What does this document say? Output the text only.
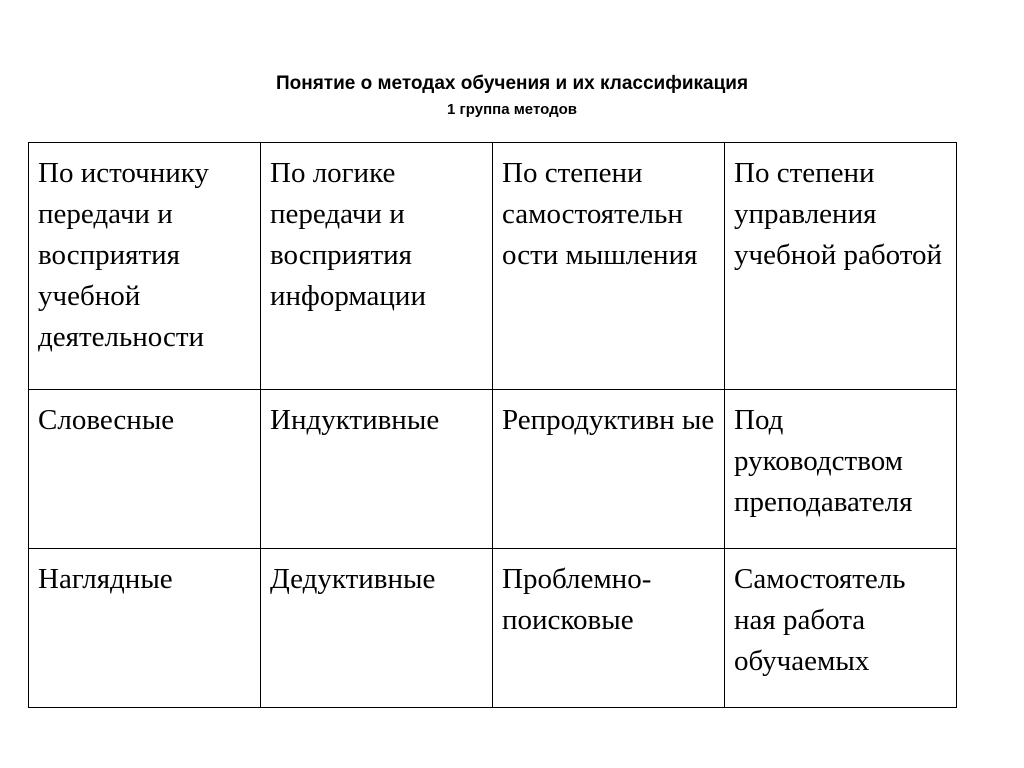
Понятие о методах обучения и их классификация
1 группа методов
По источнику передачи и восприятия учебной деятельности	По логике передачи и восприятия информации	По степени самостоятельн ости мышления	По степени управления учебной работой
Словесные	Индуктивные	Репродуктивн ые	Под руководством преподавателя
Наглядные	Дедуктивные	Проблемно-поисковые	Самостоятель ная работа обучаемых
